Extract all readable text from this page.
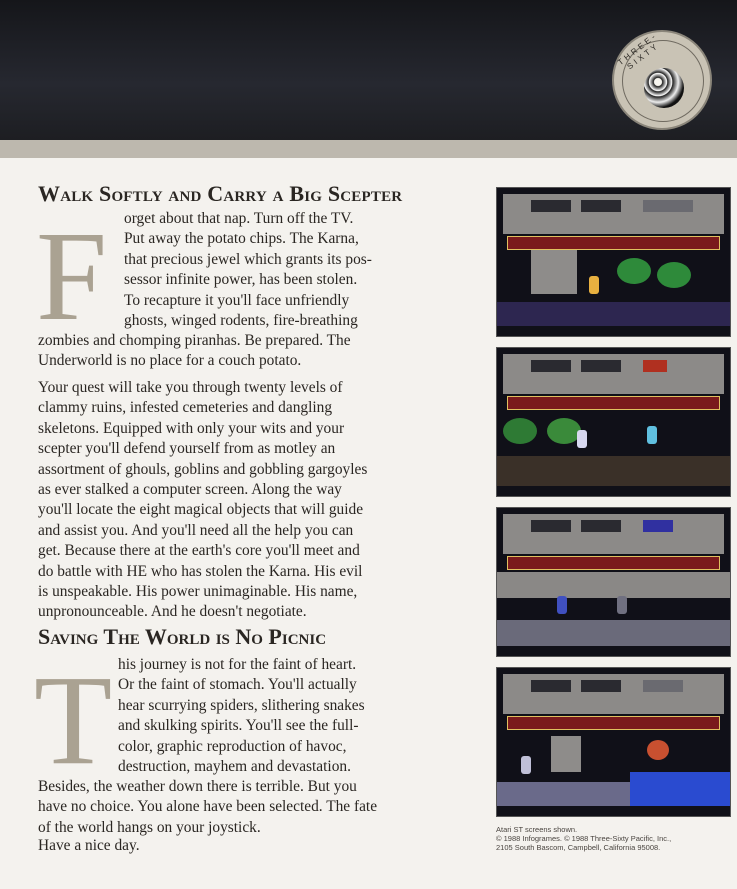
THREE-SIXTY
Walk Softly and Carry a Big Scepter
F orget about that nap. Turn off the TV.
Put away the potato chips. The Karna,
that precious jewel which grants its pos-
sessor infinite power, has been stolen.
To recapture it you'll face unfriendly
ghosts, winged rodents, fire-breathing
zombies and chomping piranhas. Be prepared. The
Underworld is no place for a couch potato.
Your quest will take you through twenty levels of
clammy ruins, infested cemeteries and dangling
skeletons. Equipped with only your wits and your
scepter you'll defend yourself from as motley an
assortment of ghouls, goblins and gobbling gargoyles
as ever stalked a computer screen. Along the way
you'll locate the eight magical objects that will guide
and assist you. And you'll need all the help you can
get. Because there at the earth's core you'll meet and
do battle with HE who has stolen the Karna. His evil
is unspeakable. His power unimaginable. His name,
unpronounceable. And he doesn't negotiate.
Saving The World is No Picnic
T his journey is not for the faint of heart.
Or the faint of stomach. You'll actually
hear scurrying spiders, slithering snakes
and skulking spirits. You'll see the full-
color, graphic reproduction of havoc,
destruction, mayhem and devastation.
Besides, the weather down there is terrible. But you
have no choice. You alone have been selected. The fate
of the world hangs on your joystick.
Have a nice day.
Atari ST screens shown.
© 1988 Infogrames. © 1988 Three-Sixty Pacific, Inc.,
2105 South Bascom, Campbell, California 95008.
